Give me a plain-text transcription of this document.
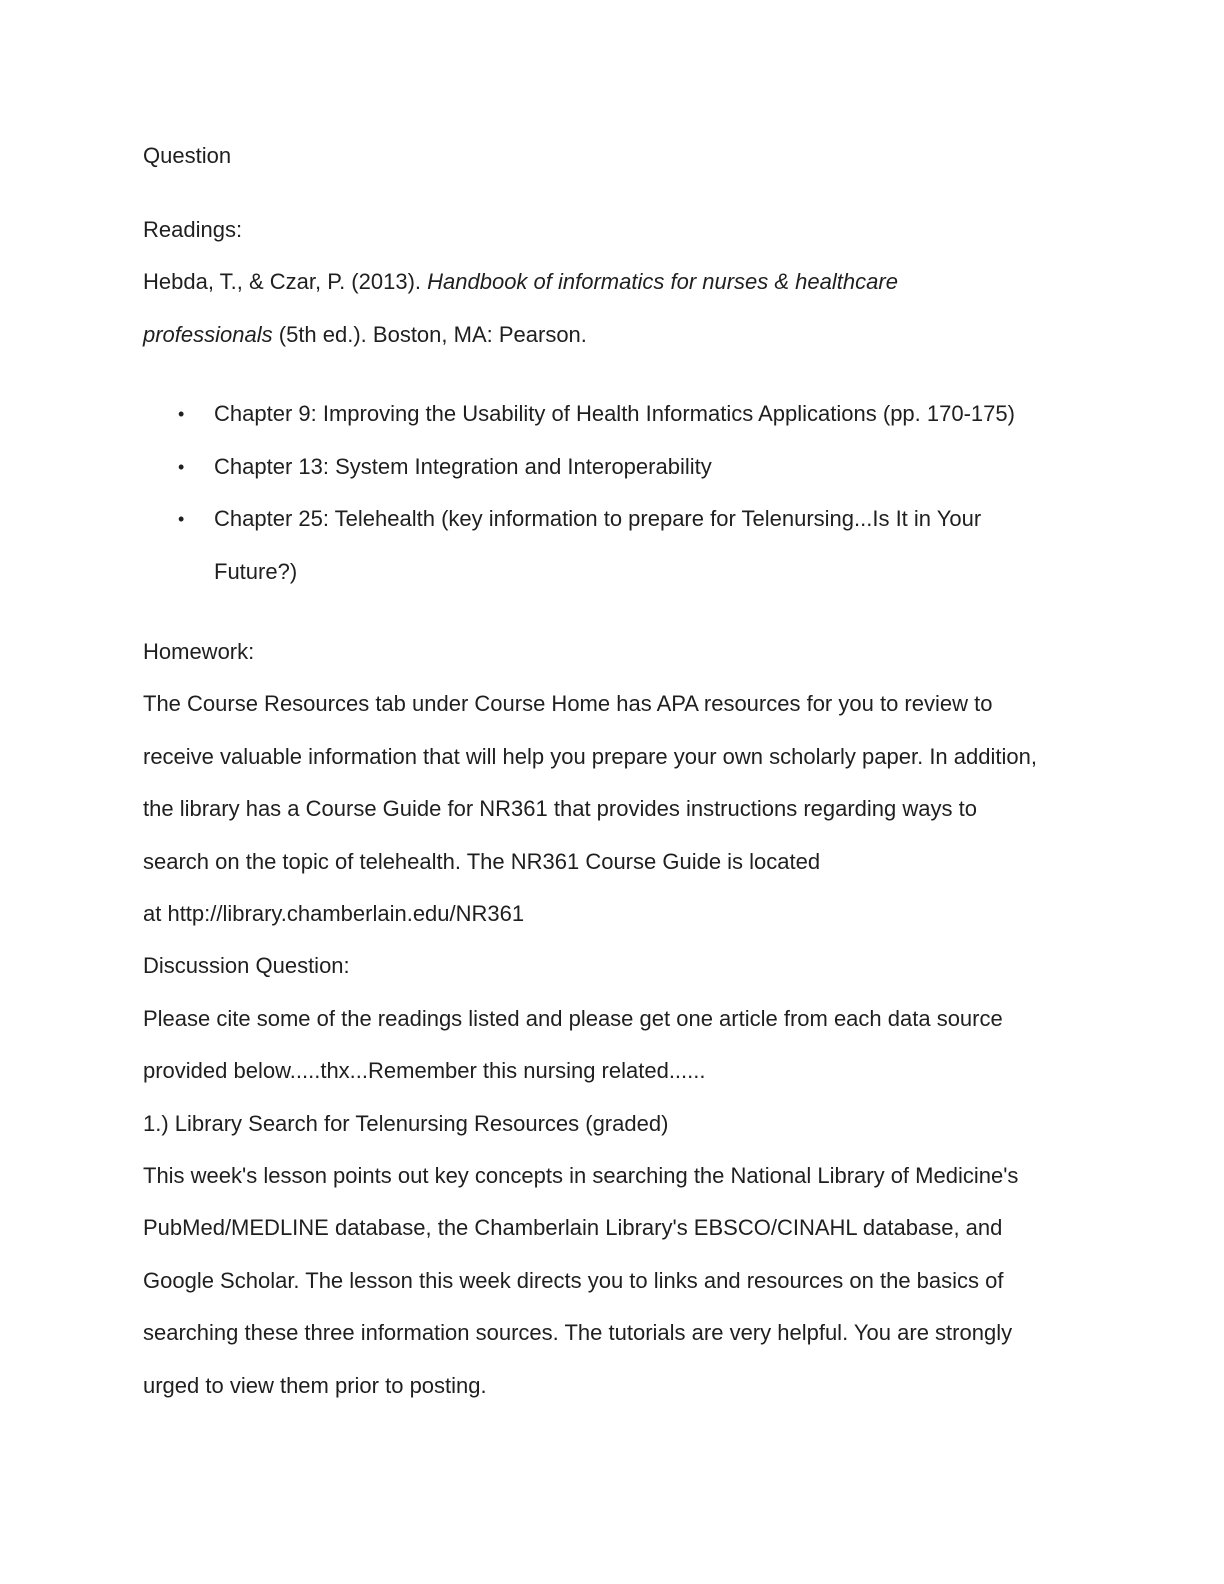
Question
Readings:
Hebda, T., & Czar, P. (2013). Handbook of informatics for nurses & healthcare
professionals (5th ed.). Boston, MA: Pearson.
• Chapter 9: Improving the Usability of Health Informatics Applications (pp. 170-175)
• Chapter 13: System Integration and Interoperability
• Chapter 25: Telehealth (key information to prepare for Telenursing...Is It in Your
Future?)
Homework:
The Course Resources tab under Course Home has APA resources for you to review to
receive valuable information that will help you prepare your own scholarly paper. In addition,
the library has a Course Guide for NR361 that provides instructions regarding ways to
search on the topic of telehealth. The NR361 Course Guide is located
at http://library.chamberlain.edu/NR361
Discussion Question:
Please cite some of the readings listed and please get one article from each data source
provided below.....thx...Remember this nursing related......
1.) Library Search for Telenursing Resources (graded)
This week's lesson points out key concepts in searching the National Library of Medicine's
PubMed/MEDLINE database, the Chamberlain Library's EBSCO/CINAHL database, and
Google Scholar. The lesson this week directs you to links and resources on the basics of
searching these three information sources. The tutorials are very helpful. You are strongly
urged to view them prior to posting.
